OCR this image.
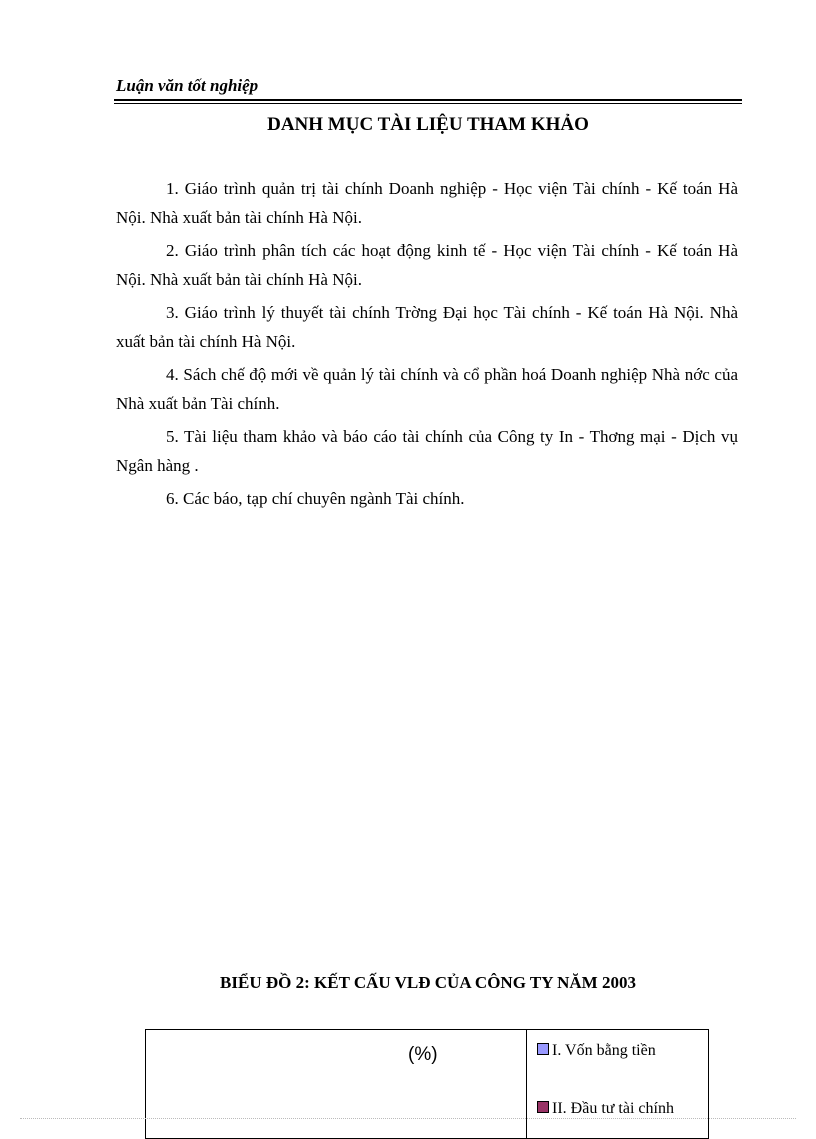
Luận văn tốt nghiệp
DANH MỤC TÀI LIỆU THAM KHẢO

1. Giáo trình quản trị tài chính Doanh nghiệp - Học viện Tài chính - Kế toán Hà Nội. Nhà xuất bản tài chính Hà Nội.

2. Giáo trình phân tích các hoạt động kinh tế - Học viện Tài chính - Kế toán Hà Nội. Nhà xuất bản tài chính Hà Nội.

3. Giáo trình lý thuyết tài chính Trờng Đại học Tài chính - Kế toán Hà Nội. Nhà xuất bản tài chính Hà Nội.

4. Sách chế độ mới về quản lý tài chính và cổ phần hoá Doanh nghiệp Nhà nớc của Nhà xuất bản Tài chính.

5. Tài liệu tham khảo và báo cáo tài chính của Công ty In - Thơng mại - Dịch vụ Ngân hàng .

6. Các báo, tạp chí chuyên ngành Tài chính.

BIỂU ĐỒ 2: KẾT CẤU VLĐ CỦA CÔNG TY NĂM 2003
(%)	I. Vốn bằng tiền
II. Đầu tư tài chính
